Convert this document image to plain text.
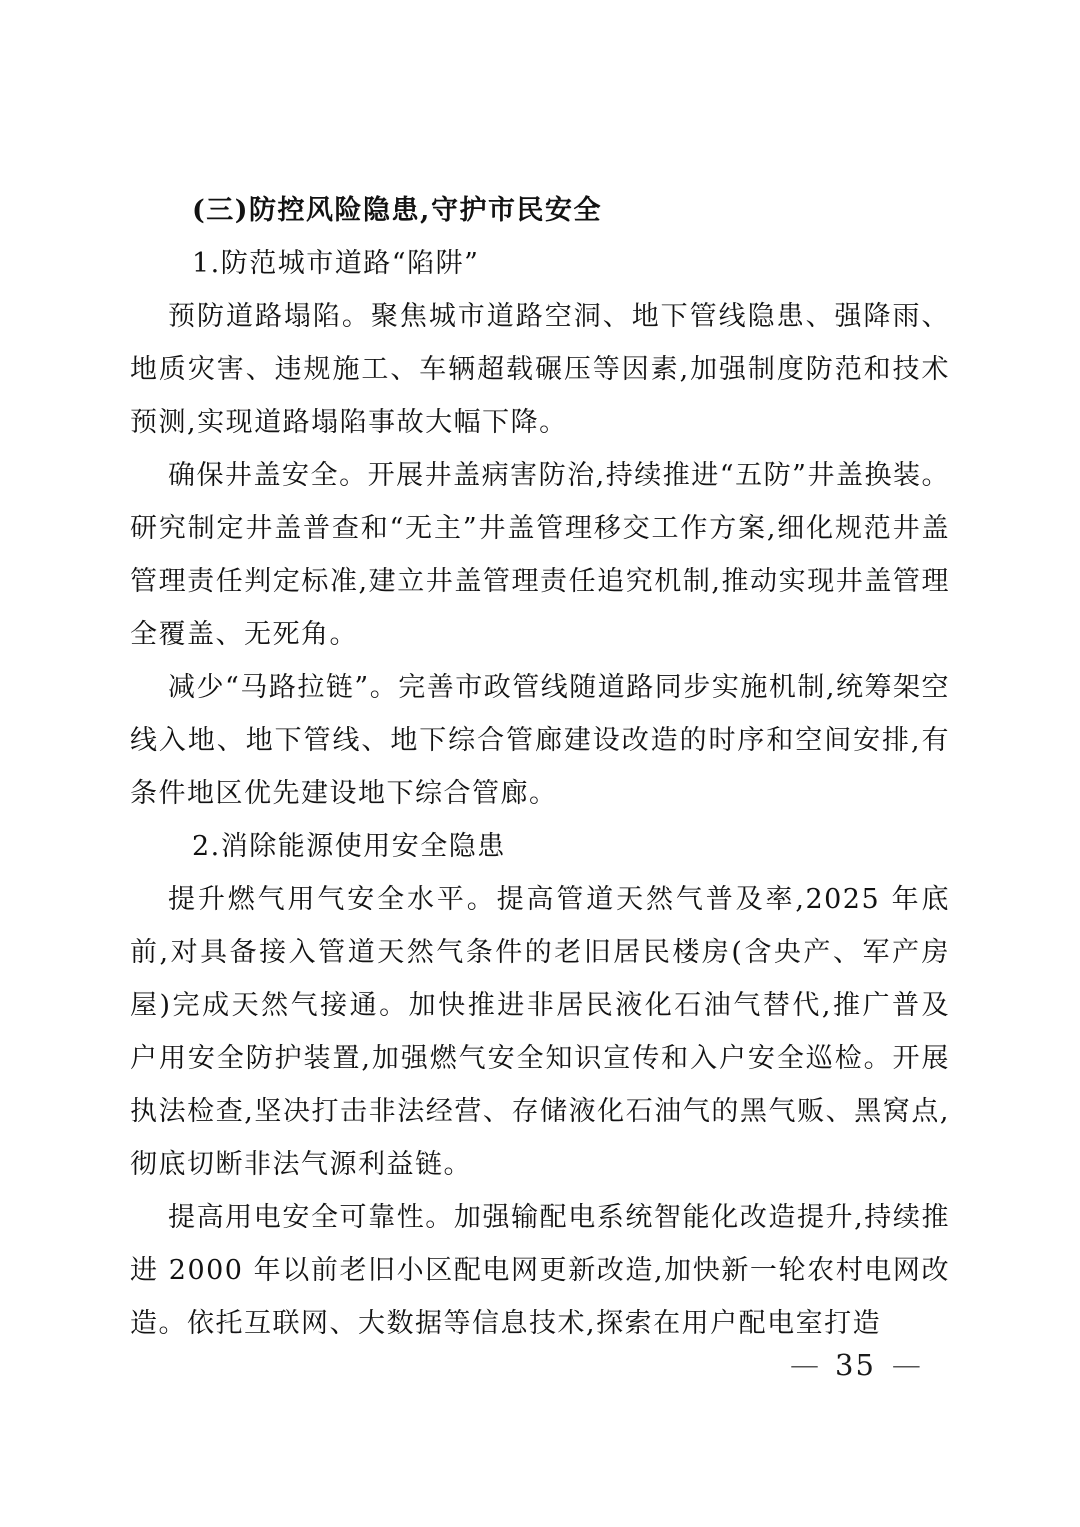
(三)防控风险隐患,守护市民安全

1.防范城市道路“陷阱”

预防道路塌陷。聚焦城市道路空洞、地下管线隐患、强降雨、地质灾害、违规施工、车辆超载碾压等因素,加强制度防范和技术预测,实现道路塌陷事故大幅下降。

确保井盖安全。开展井盖病害防治,持续推进“五防”井盖换装。研究制定井盖普查和“无主”井盖管理移交工作方案,细化规范井盖管理责任判定标准,建立井盖管理责任追究机制,推动实现井盖管理全覆盖、无死角。

减少“马路拉链”。完善市政管线随道路同步实施机制,统筹架空线入地、地下管线、地下综合管廊建设改造的时序和空间安排,有条件地区优先建设地下综合管廊。

2.消除能源使用安全隐患

提升燃气用气安全水平。提高管道天然气普及率,2025 年底前,对具备接入管道天然气条件的老旧居民楼房(含央产、军产房屋)完成天然气接通。加快推进非居民液化石油气替代,推广普及户用安全防护装置,加强燃气安全知识宣传和入户安全巡检。开展执法检查,坚决打击非法经营、存储液化石油气的黑气贩、黑窝点,彻底切断非法气源利益链。

提高用电安全可靠性。加强输配电系统智能化改造提升,持续推进 2000 年以前老旧小区配电网更新改造,加快新一轮农村电网改造。依托互联网、大数据等信息技术,探索在用户配电室打造

— 35 —
